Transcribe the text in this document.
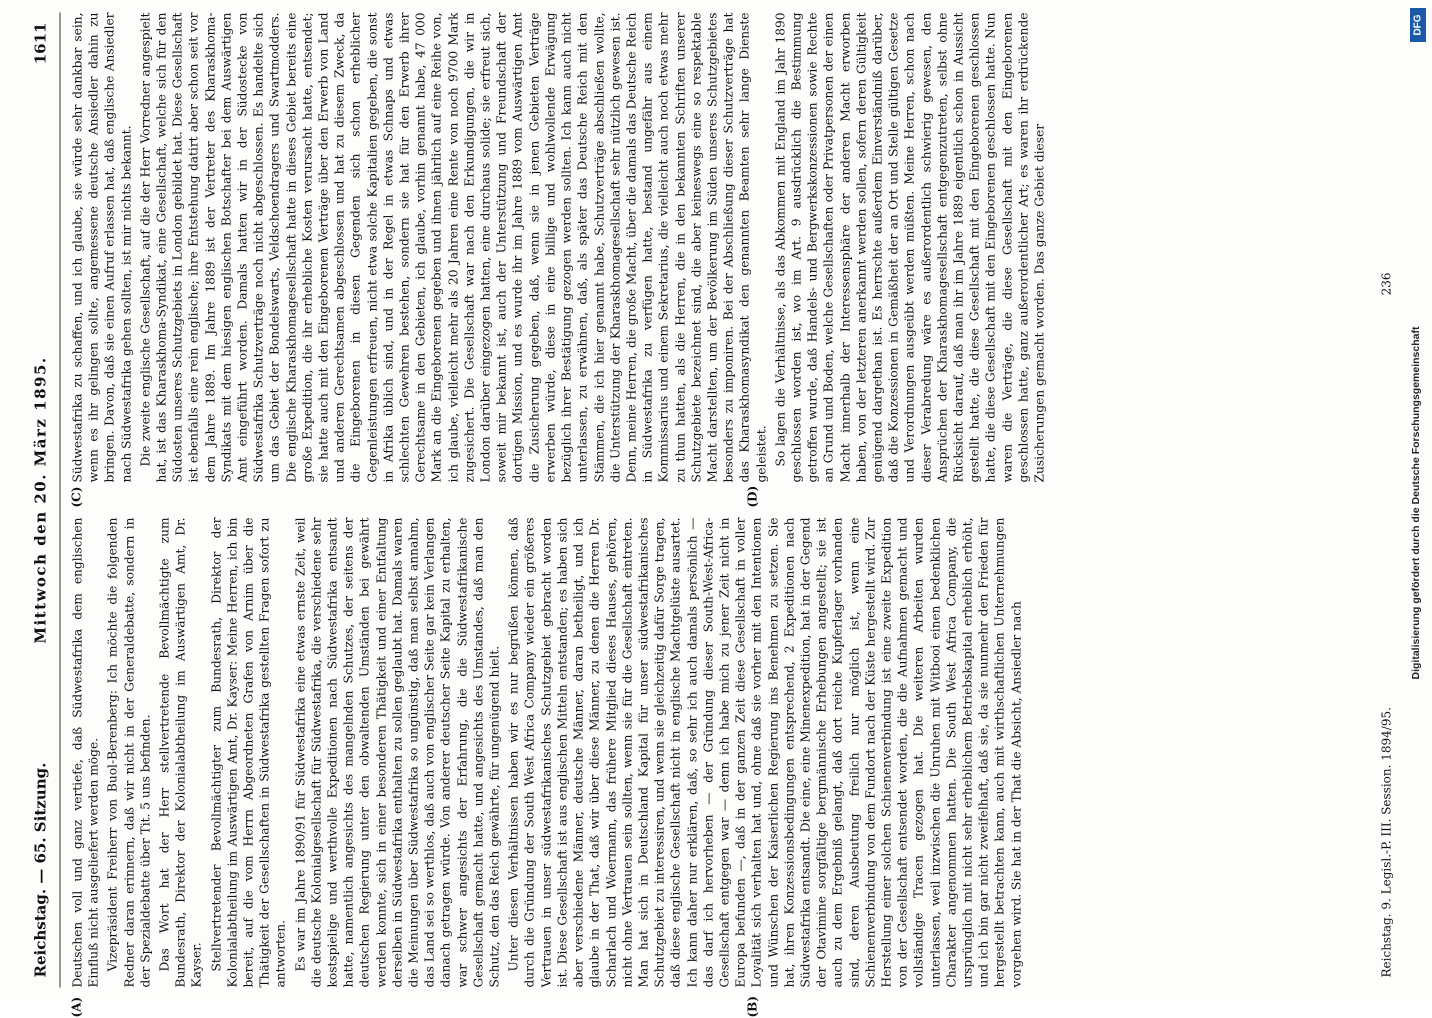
Reichstag. — 65. Sitzung.
Mittwoch den 20. März 1895.
1611
(A)	(B)
(C)	(D)

Deutschen voll und ganz vertiefe, daß Südwestafrika dem englischen Einfluß nicht ausgeliefert werden möge. Vizepräsident Freiherr von Buol-Berenberg: Ich möchte die folgenden Redner daran erinnern, daß wir nicht in der Generaldebatte, sondern in der Spezialdebatte über Tit. 5 uns befinden. Das Wort hat der Herr stellvertretende Bevollmächtigte zum Bundesrath, Direktor der Kolonialabtheilung im Auswärtigen Amt, Dr. Kayser. Stellvertretender Bevollmächtigter zum Bundesrath, Direktor der Kolonialabtheilung im Auswärtigen Amt, Dr. Kayser: Meine Herren, ich bin bereit, auf die vom Herrn Abgeordneten Grafen von Arnim über die Thätigkeit der Gesellschaften in Südwestafrika gestellten Fragen sofort zu antworten. Es war im Jahre 1890/91 für Südwestafrika eine etwas ernste Zeit, weil die deutsche Kolonialgesellschaft für Südwestafrika, die verschiedene sehr kostspielige und werthvolle Expeditionen nach Südwestafrika entsandt hatte, namentlich angesichts des mangelnden Schutzes, der seitens der deutschen Regierung unter den obwaltenden Umständen bei gewährt werden konnte, sich in einer besonderen Thätigkeit und einer Entfaltung derselben in Südwestafrika enthalten zu sollen geglaubt hat. Damals waren die Meinungen über Südwestafrika so ungünstig, daß man selbst annahm, das Land sei so werthlos, daß auch von englischer Seite gar kein Verlangen danach getragen würde. Von anderer deutscher Seite Kapital zu erhalten, war schwer angesichts der Erfahrung, die die Südwestafrikanische Gesellschaft gemacht hatte, und angesichts des Umstandes, daß man den Schutz, den das Reich gewährte, für ungenügend hielt. Unter diesen Verhältnissen haben wir es nur begrüßen können, daß durch die Gründung der South West Africa Company wieder ein größeres Vertrauen in unser südwestafrikanisches Schutzgebiet gebracht worden ist. Diese Gesellschaft ist aus englischen Mitteln entstanden; es haben sich aber verschiedene Männer, deutsche Männer, daran betheiligt, und ich glaube in der That, daß wir über diese Männer, zu denen die Herren Dr. Scharlach und Woermann, das frühere Mitglied dieses Hauses, gehören, nicht ohne Vertrauen sein sollten, wenn sie für die Gesellschaft eintreten. Man hat sich in Deutschland Kapital für unser südwestafrikanisches Schutzgebiet zu interessiren, und wenn sie gleichzeitig dafür Sorge tragen, daß diese englische Gesellschaft nicht in englische Machtgelüste ausartet. Ich kann daher nur erklären, daß, so sehr ich auch damals persönlich — das darf ich hervorheben — der Gründung dieser South-West-Africa-Gesellschaft entgegen war — denn ich habe mich zu jener Zeit nicht in Europa befunden —, daß in der ganzen Zeit diese Gesellschaft in voller Loyalität sich verhalten hat und, ohne daß sie vorher mit den Intentionen und Wünschen der Kaiserlichen Regierung ins Benehmen zu setzen. Sie hat, ihren Konzessionsbedingungen entsprechend, 2 Expeditionen nach Südwestafrika entsandt. Die eine, eine Minenexpedition, hat in der Gegend der Otavimine sorgfältige bergmännische Erhebungen angestellt; sie ist auch zu dem Ergebniß gelangt, daß dort reiche Kupferlager vorhanden sind, deren Ausbeutung freilich nur möglich ist, wenn eine Schienenverbindung von dem Fundort nach der Küste hergestellt wird. Zur Herstellung einer solchen Schienenverbindung ist eine zweite Expedition von der Gesellschaft entsendet worden, die die Aufnahmen gemacht und vollständige Tracen gezogen hat. Die weiteren Arbeiten wurden unterlassen, weil inzwischen die Unruhen mit Witbooi einen bedenklichen Charakter angenommen hatten. Die South West Africa Company, die ursprünglich mit nicht sehr erheblichem Betriebskapital erheblich erhöht, und ich bin gar nicht zweifelhaft, daß sie, da sie nunmehr den Frieden für hergestellt betrachten kann, auch mit wirthschaftlichen Unternehmungen vorgehen wird. Sie hat in der That die Absicht, Ansiedler nach

Südwestafrika zu schaffen, und ich glaube, sie würde sehr dankbar sein, wenn es ihr gelingen sollte, angemessene deutsche Ansiedler dahin zu bringen. Davon, daß sie einen Aufruf erlassen hat, daß englische Ansiedler nach Südwestafrika gehen sollten, ist mir nichts bekannt. Die zweite englische Gesellschaft, auf die der Herr Vorredner angespielt hat, ist das Kharaskhoma-Syndikat, eine Gesellschaft, welche sich für den Südosten unseres Schutzgebiets in London gebildet hat. Diese Gesellschaft ist ebenfalls eine rein englische; ihre Entstehung datirt aber schon seit vor dem Jahre 1889. Im Jahre 1889 ist der Vertreter des Kharaskhoma-Syndikats mit dem hiesigen englischen Botschafter bei dem Auswärtigen Amt eingeführt worden. Damals hatten wir in der Südostecke von Südwestafrika Schutzverträge noch nicht abgeschlossen. Es handelte sich um das Gebiet der Bondelswarts, Veldschoendragers und Swartmodders. Die englische Kharaskhomagesellschaft hatte in dieses Gebiet bereits eine große Expedition, die ihr erhebliche Kosten verursacht hatte, entsendet; sie hatte auch mit den Eingeborenen Verträge über den Erwerb von Land und anderen Gerechtsamen abgeschlossen und hat zu diesem Zweck, da die Eingeborenen in diesen Gegenden sich schon erheblicher Gegenleistungen erfreuen, nicht etwa solche Kapitalien gegeben, die sonst in Afrika üblich sind, und in der Regel in etwas Schnaps und etwas schlechten Gewehren bestehen, sondern sie hat für den Erwerb ihrer Gerechtsame in den Gebieten, ich glaube, vorhin genannt habe, 47 000 Mark an die Eingeborenen gegeben und ihnen jährlich auf eine Reihe von, ich glaube, vielleicht mehr als 20 Jahren eine Rente von noch 9700 Mark zugesichert. Die Gesellschaft war nach den Erkundigungen, die wir in London darüber eingezogen hatten, eine durchaus solide; sie erfreut sich, soweit mir bekannt ist, auch der Unterstützung und Freundschaft der dortigen Mission, und es wurde ihr im Jahre 1889 vom Auswärtigen Amt die Zusicherung gegeben, daß, wenn sie in jenen Gebieten Verträge erwerben würde, diese in eine billige und wohlwollende Erwägung bezüglich ihrer Bestätigung gezogen werden sollten. Ich kann auch nicht unterlassen, zu erwähnen, daß, als später das Deutsche Reich mit den Stämmen, die ich hier genannt habe, Schutzverträge abschließen wollte, die Unterstützung der Kharaskhomagesellschaft sehr nützlich gewesen ist. Denn, meine Herren, die große Macht, über die damals das Deutsche Reich in Südwestafrika zu verfügen hatte, bestand ungefähr aus einem Kommissarius und einem Sekretarius, die vielleicht auch noch etwas mehr zu thun hatten, als die Herren, die in den bekannten Schriften unserer Schutzgebiete bezeichnet sind, die aber keineswegs eine so respektable Macht darstellten, um der Bevölkerung im Süden unseres Schutzgebietes besonders zu imponiren. Bei der Abschließung dieser Schutzverträge hat das Kharaskhomasyndikat den genannten Beamten sehr lange Dienste geleistet. So lagen die Verhältnisse, als das Abkommen mit England im Jahr 1890 geschlossen worden ist, wo im Art. 9 ausdrücklich die Bestimmung getroffen wurde, daß Handels- und Bergwerkskonzessionen sowie Rechte an Grund und Boden, welche Gesellschaften oder Privatpersonen der einen Macht innerhalb der Interessensphäre der anderen Macht erworben haben, von der letzteren anerkannt werden sollen, sofern deren Gültigkeit genügend dargethan ist. Es herrschte außerdem Einverständniß darüber, daß die Konzessionen in Gemäßheit der an Ort und Stelle gültigen Gesetze und Verordnungen ausgeübt werden müßten. Meine Herren, schon nach dieser Verabredung wäre es außerordentlich schwierig gewesen, den Ansprüchen der Kharaskhomagesellschaft entgegenzutreten, selbst ohne Rücksicht darauf, daß man ihr im Jahre 1889 eigentlich schon in Aussicht gestellt hatte, die diese Gesellschaft mit den Eingeborenen geschlossen hatte, die diese Gesellschaft mit den Eingeborenen geschlossen hatte. Nun waren die Verträge, die diese Gesellschaft mit den Eingeborenen geschlossen hatte, ganz außerordentlicher Art; es waren ihr erdrückende Zusicherungen gemacht worden. Das ganze Gebiet dieser

Reichstag. 9. Legisl.-P. III. Session. 1894/95.
236
DFG
Digitalisierung gefördert durch die Deutsche Forschungsgemeinschaft
